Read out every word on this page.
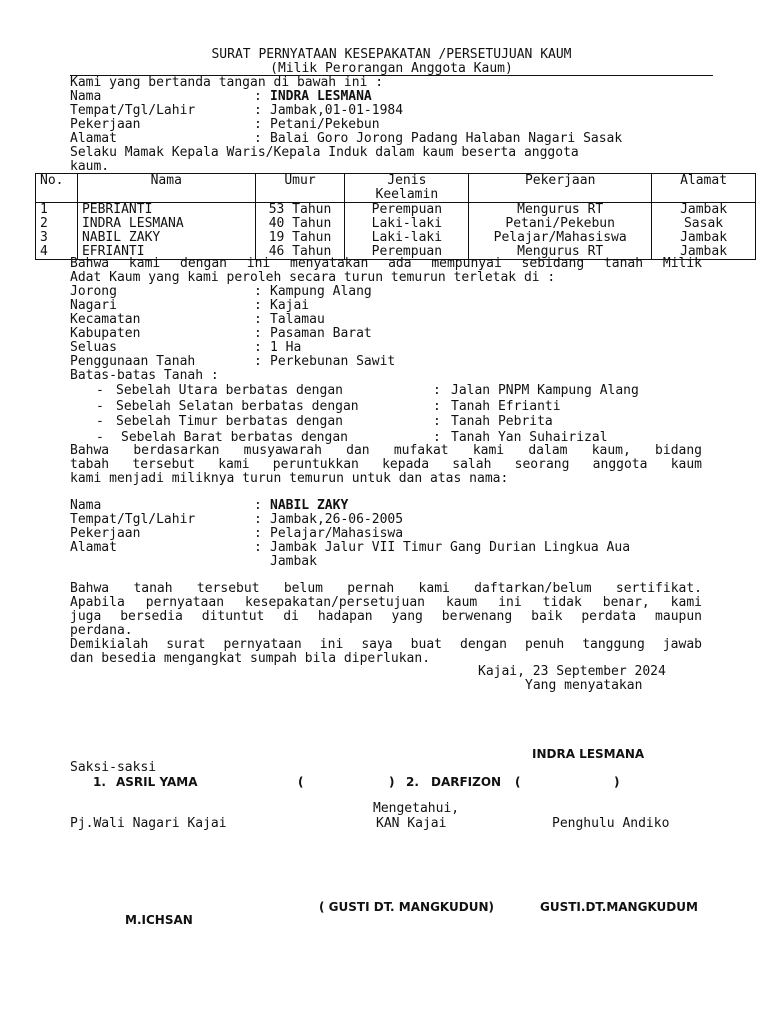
SURAT PERNYATAAN KESEPAKATAN /PERSETUJUAN KAUM
(Milik Perorangan Anggota Kaum)
Kami yang bertanda tangan di bawah ini :
Nama	: INDRA LESMANA
Tempat/Tgl/Lahir	: Jambak,01-01-1984
Pekerjaan	: Petani/Pekebun
Alamat	: Balai Goro Jorong Padang Halaban Nagari Sasak
Selaku Mamak Kepala Waris/Kepala Induk dalam kaum beserta anggota
kaum.
No.	Nama	Umur	Jenis
Keelamin	Pekerjaan	Alamat
1	PEBRIANTI	53 Tahun	Perempuan	Mengurus RT	Jambak
2	INDRA LESMANA	40 Tahun	Laki-laki	Petani/Pekebun	Sasak
3	NABIL ZAKY	19 Tahun	Laki-laki	Pelajar/Mahasiswa	Jambak
4	EFRIANTI	46 Tahun	Perempuan	Mengurus RT	Jambak
Bahwa kami dengan ini menyatakan ada mempunyai sebidang tanah Milik
Adat Kaum yang kami peroleh secara turun temurun terletak di :
Jorong	: Kampung Alang
Nagari	: Kajai
Kecamatan	: Talamau
Kabupaten	: Pasaman Barat
Seluas	: 1 Ha
Penggunaan Tanah	: Perkebunan Sawit
Batas-batas Tanah :
- Sebelah Utara berbatas dengan	: Jalan PNPM Kampung Alang
- Sebelah Selatan berbatas dengan	: Tanah Efrianti
- Sebelah Timur berbatas dengan	: Tanah Pebrita
- Sebelah Barat berbatas dengan	: Tanah Yan Suhairizal
Bahwa berdasarkan musyawarah dan mufakat kami dalam kaum, bidang
tabah tersebut kami peruntukkan kepada salah seorang anggota kaum
kami menjadi miliknya turun temurun untuk dan atas nama:
Nama	: NABIL ZAKY
Tempat/Tgl/Lahir	: Jambak,26-06-2005
Pekerjaan	: Pelajar/Mahasiswa
Alamat	: Jambak Jalur VII Timur Gang Durian Lingkua Aua
Jambak
Bahwa tanah tersebut belum pernah kami daftarkan/belum sertifikat.
Apabila pernyataan kesepakatan/persetujuan kaum ini tidak benar, kami
juga bersedia dituntut di hadapan yang berwenang baik perdata maupun
perdana.
Demikialah surat pernyataan ini saya buat dengan penuh tanggung jawab
dan besedia mengangkat sumpah bila diperlukan.
Kajai, 23 September 2024
Yang menyatakan
INDRA LESMANA
Saksi-saksi
1. ASRIL YAMA	(	) 2. DARFIZON (	)
Mengetahui,
Pj.Wali Nagari Kajai	KAN Kajai	Penghulu Andiko
( GUSTI DT. MANGKUDUN)	GUSTI.DT.MANGKUDUM
M.ICHSAN
